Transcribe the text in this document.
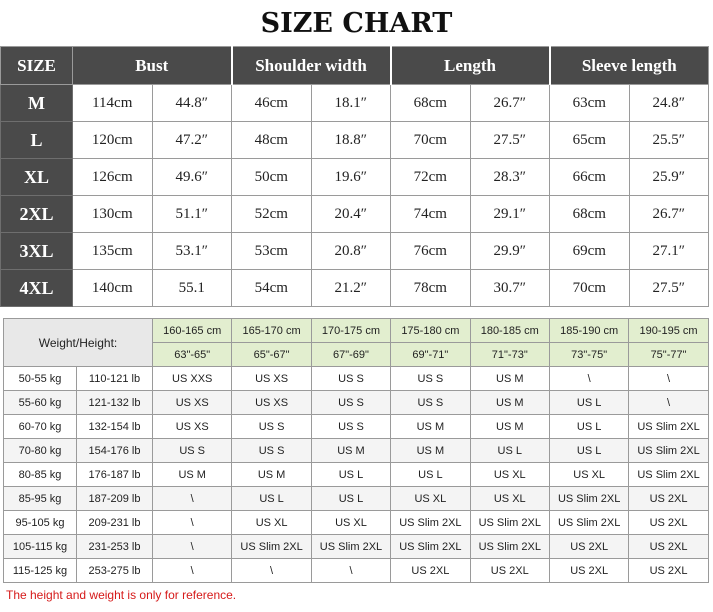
SIZE CHART
SIZE	Bust		Shoulder width		Length		Sleeve length	
M	114cm	44.8″	46cm	18.1″	68cm	26.7″	63cm	24.8″
L	120cm	47.2″	48cm	18.8″	70cm	27.5″	65cm	25.5″
XL	126cm	49.6″	50cm	19.6″	72cm	28.3″	66cm	25.9″
2XL	130cm	51.1″	52cm	20.4″	74cm	29.1″	68cm	26.7″
3XL	135cm	53.1″	53cm	20.8″	76cm	29.9″	69cm	27.1″
4XL	140cm	55.1	54cm	21.2″	78cm	30.7″	70cm	27.5″
Weight/Height:		160-165 cm	165-170 cm	170-175 cm	175-180 cm	180-185 cm	185-190 cm	190-195 cm
		63"-65"	65"-67"	67"-69"	69"-71"	71"-73"	73"-75"	75"-77"
50-55 kg	110-121 lb	US XXS	US XS	US S	US S	US M	\	\
55-60 kg	121-132 lb	US XS	US XS	US S	US S	US M	US L	\
60-70 kg	132-154 lb	US XS	US S	US S	US M	US M	US L	US Slim 2XL
70-80 kg	154-176 lb	US S	US S	US M	US M	US L	US L	US Slim 2XL
80-85 kg	176-187 lb	US M	US M	US L	US L	US XL	US XL	US Slim 2XL
85-95 kg	187-209 lb	\	US L	US L	US XL	US XL	US Slim 2XL	US 2XL
95-105 kg	209-231 lb	\	US XL	US XL	US Slim 2XL	US Slim 2XL	US Slim 2XL	US 2XL
105-115 kg	231-253 lb	\	US Slim 2XL	US Slim 2XL	US Slim 2XL	US Slim 2XL	US 2XL	US 2XL
115-125 kg	253-275 lb	\	\	\	US 2XL	US 2XL	US 2XL	US 2XL
The height and weight is only for reference.
